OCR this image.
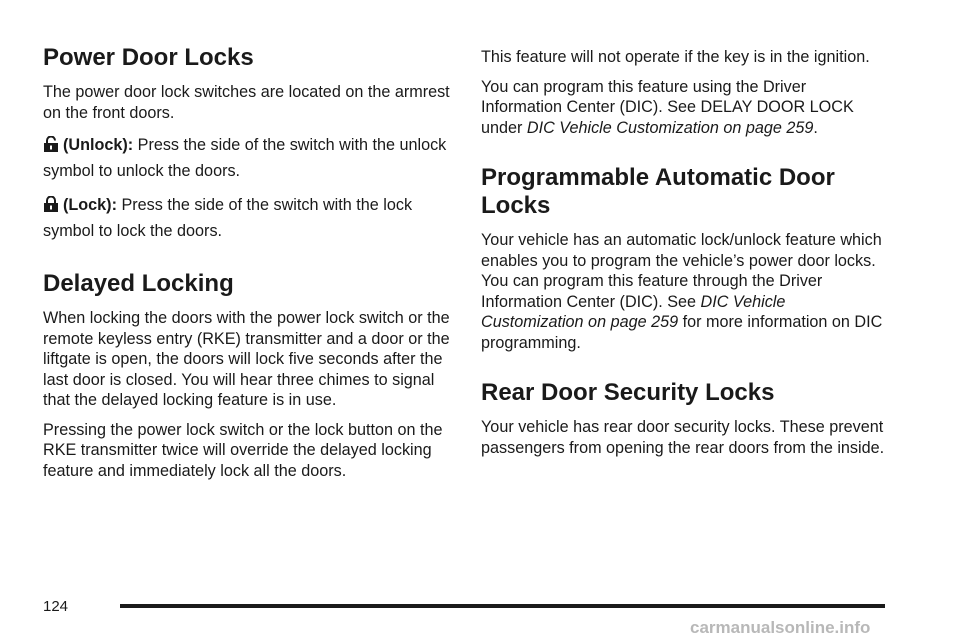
Power Door Locks

The power door lock switches are located on the armrest on the front doors.

(Unlock): Press the side of the switch with the unlock symbol to unlock the doors.

(Lock): Press the side of the switch with the lock symbol to lock the doors.

Delayed Locking

When locking the doors with the power lock switch or the remote keyless entry (RKE) transmitter and a door or the liftgate is open, the doors will lock five seconds after the last door is closed. You will hear three chimes to signal that the delayed locking feature is in use.

Pressing the power lock switch or the lock button on the RKE transmitter twice will override the delayed locking feature and immediately lock all the doors.

This feature will not operate if the key is in the ignition.

You can program this feature using the Driver Information Center (DIC). See DELAY DOOR LOCK under DIC Vehicle Customization on page 259.

Programmable Automatic Door Locks

Your vehicle has an automatic lock/unlock feature which enables you to program the vehicle’s power door locks. You can program this feature through the Driver Information Center (DIC). See DIC Vehicle Customization on page 259 for more information on DIC programming.

Rear Door Security Locks

Your vehicle has rear door security locks. These prevent passengers from opening the rear doors from the inside.

124
carmanualsonline.info
